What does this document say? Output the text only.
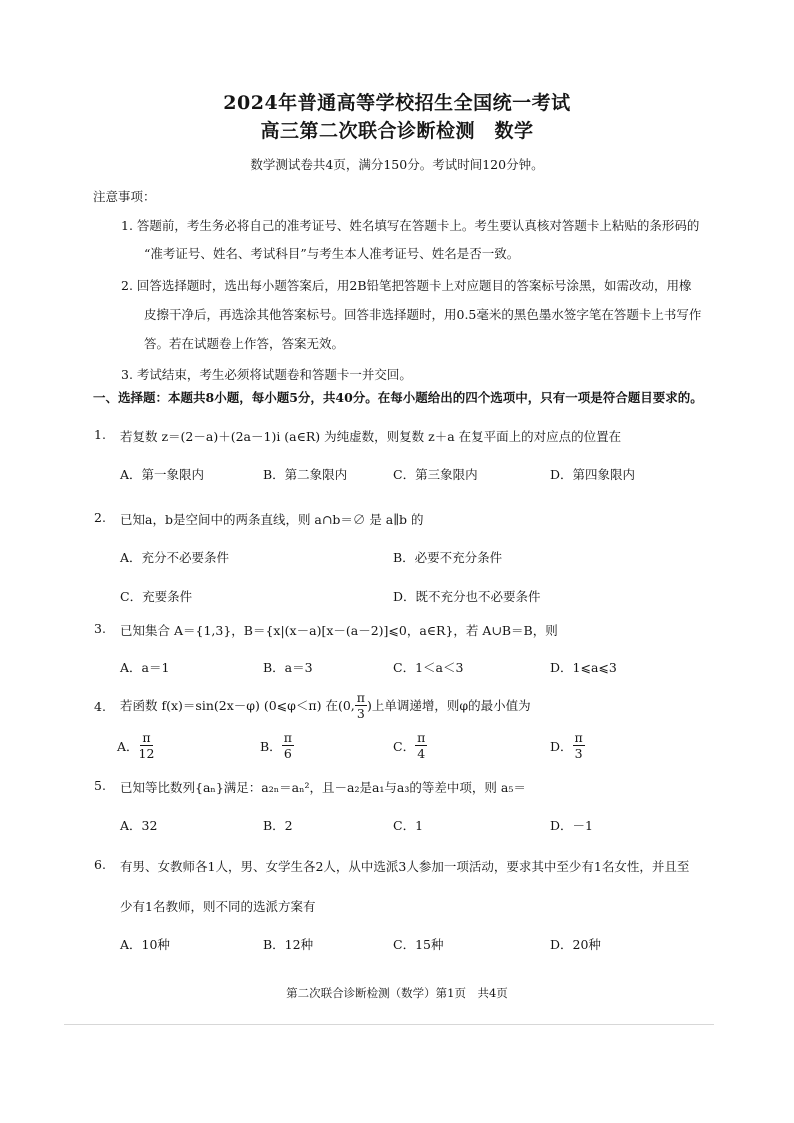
2024年普通高等学校招生全国统一考试
高三第二次联合诊断检测　数学
数学测试卷共4页，满分150分。考试时间120分钟。
注意事项：
1. 答题前，考生务必将自己的准考证号、姓名填写在答题卡上。考生要认真核对答题卡上粘贴的条形码的
“准考证号、姓名、考试科目”与考生本人准考证号、姓名是否一致。
2. 回答选择题时，选出每小题答案后，用2B铅笔把答题卡上对应题目的答案标号涂黑，如需改动，用橡
皮擦干净后，再选涂其他答案标号。回答非选择题时，用0.5毫米的黑色墨水签字笔在答题卡上书写作
答。若在试题卷上作答，答案无效。
3. 考试结束，考生必须将试题卷和答题卡一并交回。
一、选择题：本题共8小题，每小题5分，共40分。在每小题给出的四个选项中，只有一项是符合题目要求的。
1. 若复数 z＝(2－a)＋(2a－1)i (a∈R) 为纯虚数，则复数 z＋a 在复平面上的对应点的位置在
A．第一象限内	B．第二象限内	C．第三象限内	D．第四象限内
2. 已知a，b是空间中的两条直线，则 a∩b＝∅ 是 a∥b 的
A．充分不必要条件	B．必要不充分条件
C．充要条件	D．既不充分也不必要条件
3. 已知集合 A＝{1,3}，B＝{x|(x－a)[x－(a－2)]⩽0，a∈R}，若 A∪B＝B，则
A．a＝1	B．a＝3	C．1＜a＜3	D．1⩽a⩽3
4. 若函数 f(x)＝sin(2x－φ) (0⩽φ＜π) 在(0, $\frac{\pi}{3}$ )上单调递增，则φ的最小值为
A． $\frac{\pi}{12}$	B． $\frac{\pi}{6}$	C． $\frac{\pi}{4}$	D． $\frac{\pi}{3}$
5. 已知等比数列{aₙ}满足：a₂ₙ＝aₙ²，且－a₂是a₁与a₃的等差中项，则 a₅＝
A．32	B．2	C．1	D．－1
6. 有男、女教师各1人，男、女学生各2人，从中选派3人参加一项活动，要求其中至少有1名女性，并且至
少有1名教师，则不同的选派方案有
A．10种	B．12种	C．15种	D．20种
第二次联合诊断检测（数学）第1页　共4页
